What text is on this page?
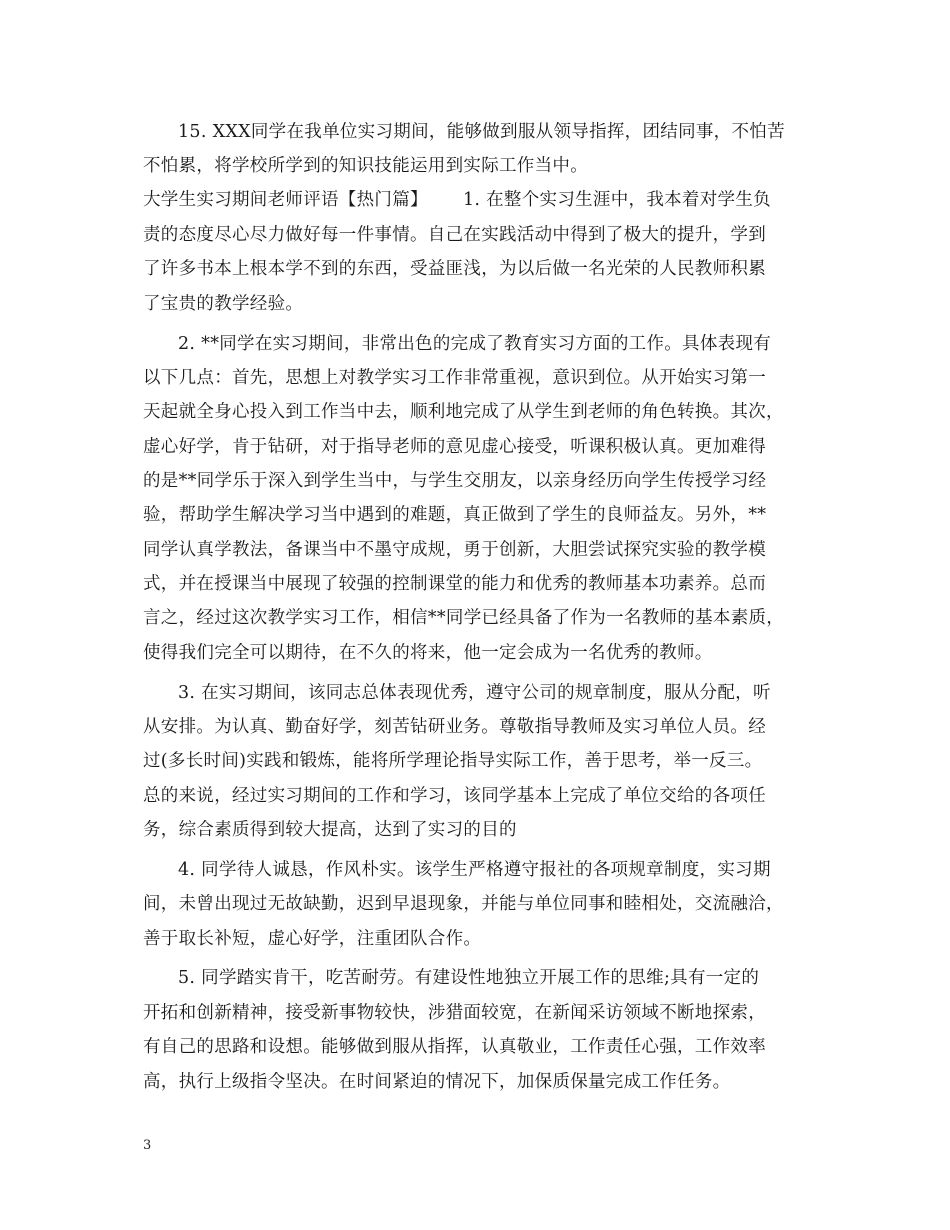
15. XXX同学在我单位实习期间，能够做到服从领导指挥，团结同事，不怕苦
不怕累，将学校所学到的知识技能运用到实际工作当中。
大学生实习期间老师评语【热门篇】      1. 在整个实习生涯中，我本着对学生负
责的态度尽心尽力做好每一件事情。自己在实践活动中得到了极大的提升，学到
了许多书本上根本学不到的东西，受益匪浅，为以后做一名光荣的人民教师积累
了宝贵的教学经验。
2. **同学在实习期间，非常出色的完成了教育实习方面的工作。具体表现有
以下几点：首先，思想上对教学实习工作非常重视，意识到位。从开始实习第一
天起就全身心投入到工作当中去，顺利地完成了从学生到老师的角色转换。其次，
虚心好学，肯于钻研，对于指导老师的意见虚心接受，听课积极认真。更加难得
的是**同学乐于深入到学生当中，与学生交朋友，以亲身经历向学生传授学习经
验，帮助学生解决学习当中遇到的难题，真正做到了学生的良师益友。另外，**
同学认真学教法，备课当中不墨守成规，勇于创新，大胆尝试探究实验的教学模
式，并在授课当中展现了较强的控制课堂的能力和优秀的教师基本功素养。总而
言之，经过这次教学实习工作，相信**同学已经具备了作为一名教师的基本素质，
使得我们完全可以期待，在不久的将来，他一定会成为一名优秀的教师。
3. 在实习期间，该同志总体表现优秀，遵守公司的规章制度，服从分配，听
从安排。为认真、勤奋好学，刻苦钻研业务。尊敬指导教师及实习单位人员。经
过(多长时间)实践和锻炼，能将所学理论指导实际工作，善于思考，举一反三。
总的来说，经过实习期间的工作和学习，该同学基本上完成了单位交给的各项任
务，综合素质得到较大提高，达到了实习的目的
4. 同学待人诚恳，作风朴实。该学生严格遵守报社的各项规章制度，实习期
间，未曾出现过无故缺勤，迟到早退现象，并能与单位同事和睦相处，交流融洽，
善于取长补短，虚心好学，注重团队合作。
5. 同学踏实肯干，吃苦耐劳。有建设性地独立开展工作的思维;具有一定的
开拓和创新精神，接受新事物较快，涉猎面较宽，在新闻采访领域不断地探索，
有自己的思路和设想。能够做到服从指挥，认真敬业，工作责任心强，工作效率
高，执行上级指令坚决。在时间紧迫的情况下，加保质保量完成工作任务。
3
